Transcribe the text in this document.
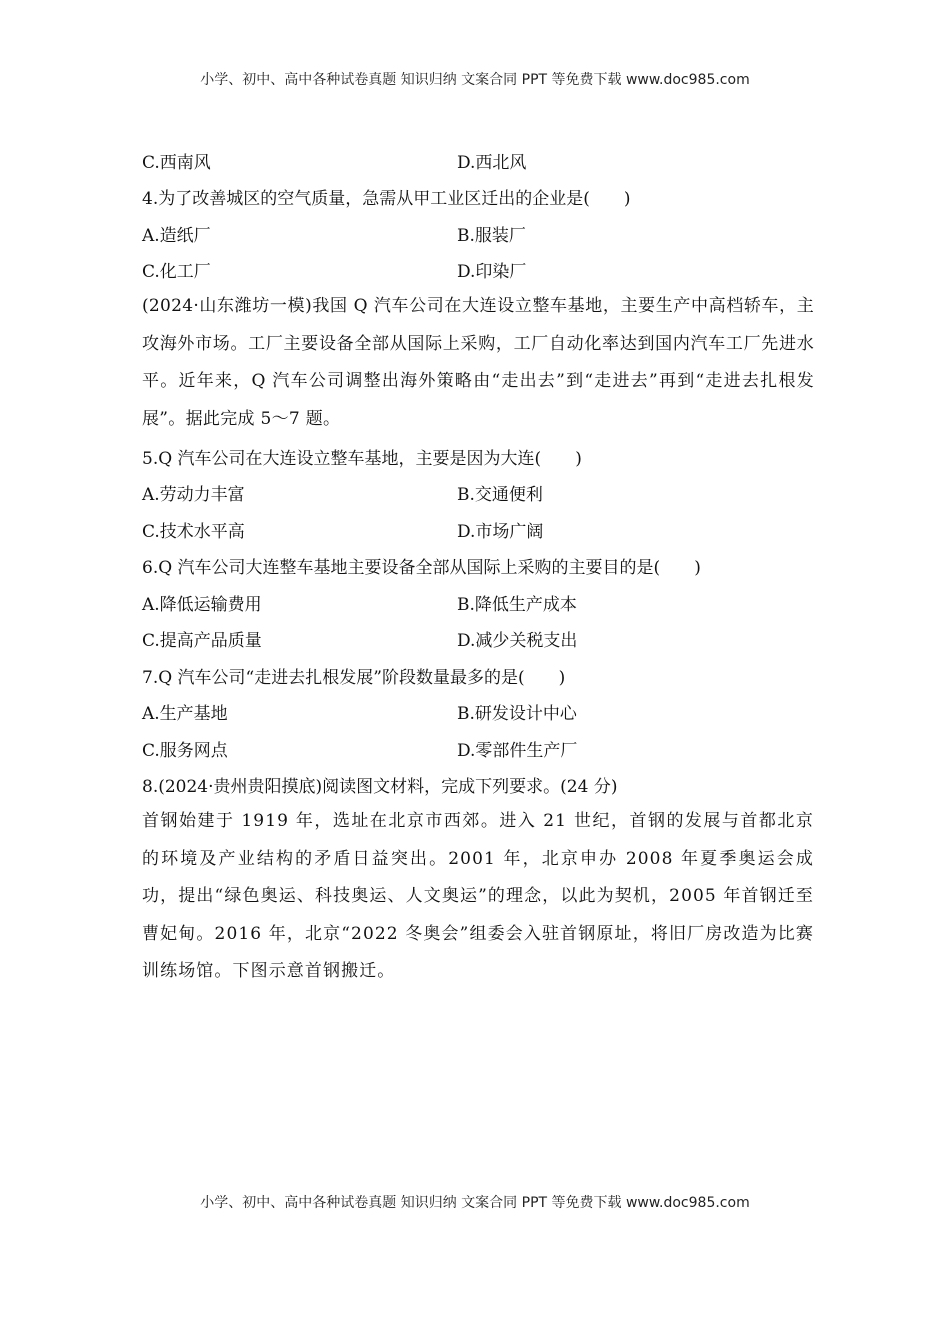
小学、初中、高中各种试卷真题 知识归纳 文案合同 PPT 等免费下载 www.doc985.com
C.西南风	D.西北风
4.为了改善城区的空气质量，急需从甲工业区迁出的企业是(　　)
A.造纸厂	B.服装厂
C.化工厂	D.印染厂

(2024·山东潍坊一模)我国 Q 汽车公司在大连设立整车基地，主要生产中高档轿车，主攻海外市场。工厂主要设备全部从国际上采购，工厂自动化率达到国内汽车工厂先进水平。近年来，Q 汽车公司调整出海外策略由“走出去”到“走进去”再到“走进去扎根发展”。据此完成 5～7 题。

5.Q 汽车公司在大连设立整车基地，主要是因为大连(　　)
A.劳动力丰富	B.交通便利
C.技术水平高	D.市场广阔
6.Q 汽车公司大连整车基地主要设备全部从国际上采购的主要目的是(　　)
A.降低运输费用	B.降低生产成本
C.提高产品质量	D.减少关税支出
7.Q 汽车公司“走进去扎根发展”阶段数量最多的是(　　)
A.生产基地	B.研发设计中心
C.服务网点	D.零部件生产厂
8.(2024·贵州贵阳摸底)阅读图文材料，完成下列要求。(24 分)

首钢始建于 1919 年，选址在北京市西郊。进入 21 世纪，首钢的发展与首都北京的环境及产业结构的矛盾日益突出。2001 年，北京申办 2008 年夏季奥运会成功，提出“绿色奥运、科技奥运、人文奥运”的理念，以此为契机，2005 年首钢迁至曹妃甸。2016 年，北京“2022 冬奥会”组委会入驻首钢原址，将旧厂房改造为比赛训练场馆。下图示意首钢搬迁。

小学、初中、高中各种试卷真题 知识归纳 文案合同 PPT 等免费下载 www.doc985.com
